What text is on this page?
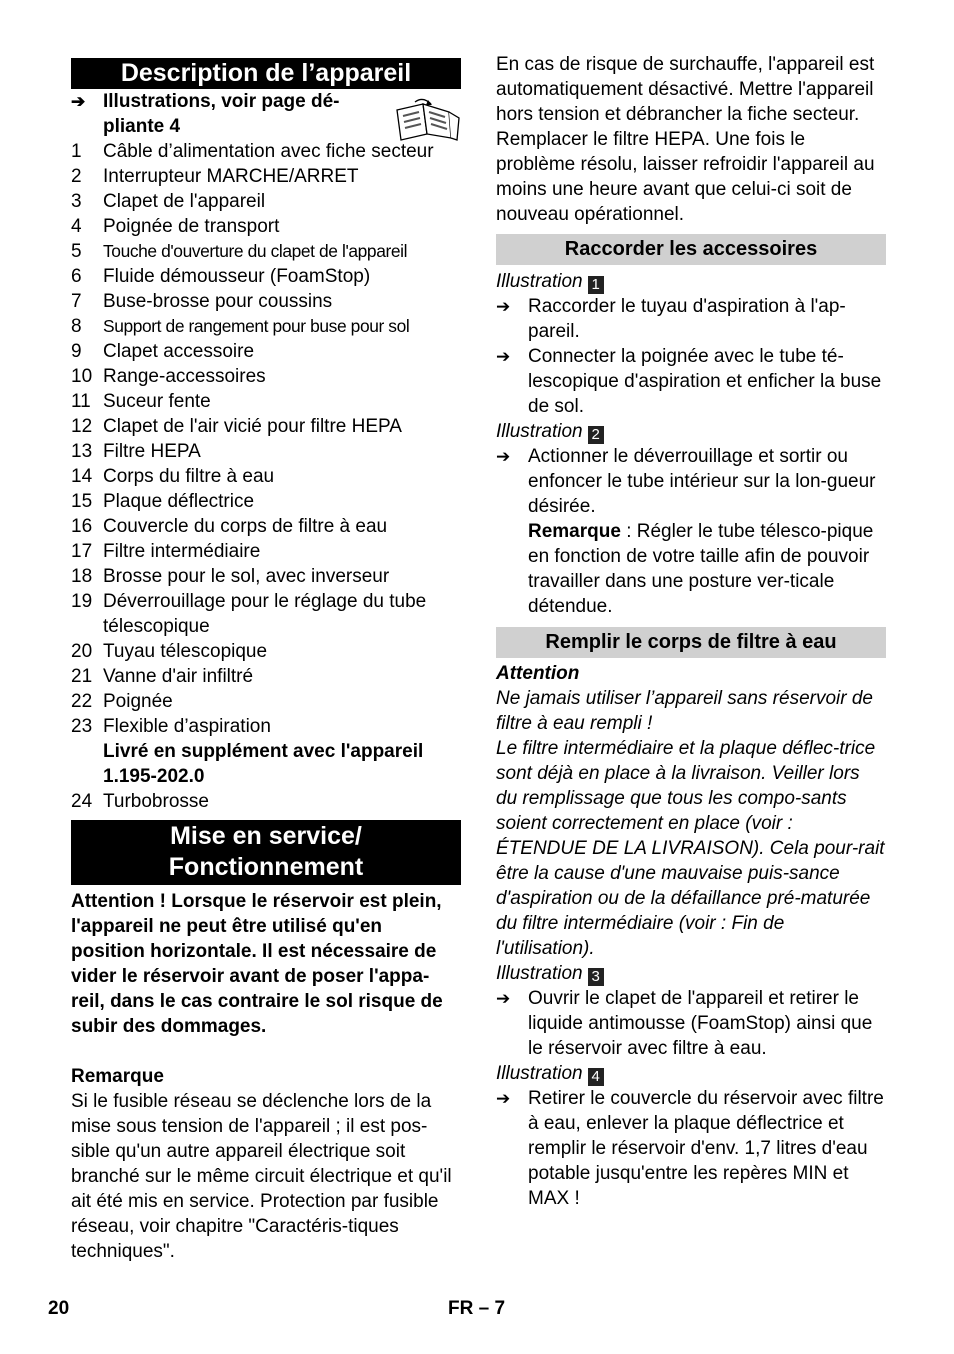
Description de l’appareil
➔ Illustrations, voir page dé-pliante 4
1	Câble d’alimentation avec fiche secteur
2	Interrupteur MARCHE/ARRET
3	Clapet de l'appareil
4	Poignée de transport
5	Touche d'ouverture du clapet de l'appareil
6	Fluide démousseur (FoamStop)
7	Buse-brosse pour coussins
8	Support de rangement pour buse pour sol
9	Clapet accessoire
10 Range-accessoires
11 Suceur fente
12 Clapet de l'air vicié pour filtre HEPA
13 Filtre HEPA
14 Corps du filtre à eau
15 Plaque déflectrice
16 Couvercle du corps de filtre à eau
17 Filtre intermédiaire
18 Brosse pour le sol, avec inverseur
19 Déverrouillage pour le réglage du tube télescopique
20 Tuyau télescopique
21 Vanne d'air infiltré
22 Poignée
23 Flexible d’aspiration
Livré en supplément avec l'appareil 1.195-202.0
24 Turbobrosse
Mise en service/
Fonctionnement
Attention ! Lorsque le réservoir est plein, l'appareil ne peut être utilisé qu'en position horizontale. Il est nécessaire de vider le réservoir avant de poser l'appa-reil, dans le cas contraire le sol risque de subir des dommages.
Remarque
Si le fusible réseau se déclenche lors de la mise sous tension de l'appareil ; il est pos-sible qu'un autre appareil électrique soit branché sur le même circuit électrique et qu'il ait été mis en service. Protection par fusible réseau, voir chapitre "Caractéris-tiques techniques".
En cas de risque de surchauffe, l'appareil est automatiquement désactivé. Mettre l'appareil hors tension et débrancher la fiche secteur. Remplacer le filtre HEPA. Une fois le problème résolu, laisser refroidir l'appareil au moins une heure avant que celui-ci soit de nouveau opérationnel.
Raccorder les accessoires
Illustration 1
➔ Raccorder le tuyau d'aspiration à l'ap-pareil.
➔ Connecter la poignée avec le tube té-lescopique d'aspiration et enficher la buse de sol.
Illustration 2
➔ Actionner le déverrouillage et sortir ou enfoncer le tube intérieur sur la lon-gueur désirée.
Remarque : Régler le tube télesco-pique en fonction de votre taille afin de pouvoir travailler dans une posture ver-ticale détendue.
Remplir le corps de filtre à eau
Attention
Ne jamais utiliser l’appareil sans réservoir de filtre à eau rempli !
Le filtre intermédiaire et la plaque déflec-trice sont déjà en place à la livraison. Veiller lors du remplissage que tous les compo-sants soient correctement en place (voir : ÉTENDUE DE LA LIVRAISON). Cela pour-rait être la cause d'une mauvaise puis-sance d'aspiration ou de la défaillance pré-maturée du filtre intermédiaire (voir : Fin de l'utilisation).
Illustration 3
➔ Ouvrir le clapet de l'appareil et retirer le liquide antimousse (FoamStop) ainsi que le réservoir avec filtre à eau.
Illustration 4
➔ Retirer le couvercle du réservoir avec filtre à eau, enlever la plaque déflectrice et remplir le réservoir d'env. 1,7 litres d'eau potable jusqu'entre les repères MIN et MAX !
20	FR – 7
